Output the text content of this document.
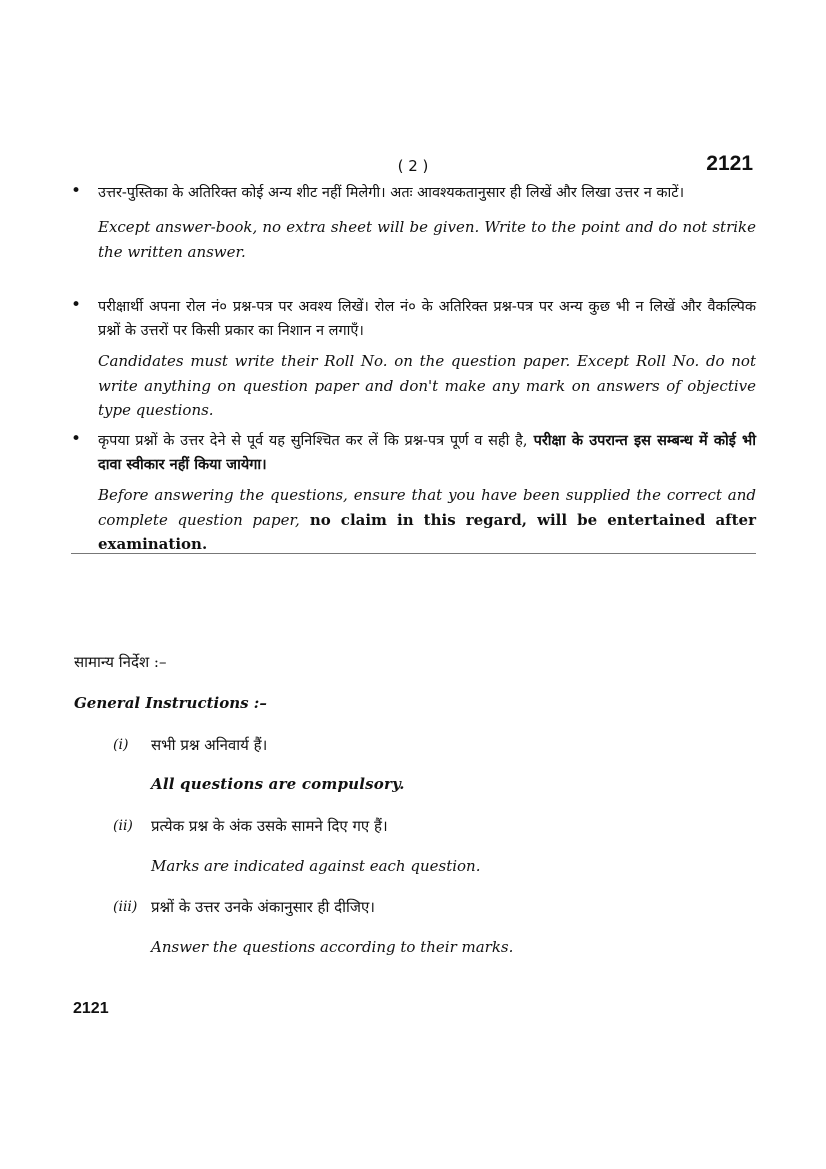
( 2 )	2121
• उत्तर-पुस्तिका के अतिरिक्त कोई अन्य शीट नहीं मिलेगी। अतः आवश्यकतानुसार ही लिखें और लिखा उत्तर न काटें।

Except answer-book, no extra sheet will be given. Write to the point and do not strike the written answer.

• परीक्षार्थी अपना रोल नं० प्रश्न-पत्र पर अवश्य लिखें। रोल नं० के अतिरिक्त प्रश्न-पत्र पर अन्य कुछ भी न लिखें और वैकल्पिक प्रश्नों के उत्तरों पर किसी प्रकार का निशान न लगाएँ।

Candidates must write their Roll No. on the question paper. Except Roll No. do not write anything on question paper and don't make any mark on answers of objective type questions.

• कृपया प्रश्नों के उत्तर देने से पूर्व यह सुनिश्चित कर लें कि प्रश्न-पत्र पूर्ण व सही है, परीक्षा के उपरान्त इस सम्बन्ध में कोई भी दावा स्वीकार नहीं किया जायेगा।

Before answering the questions, ensure that you have been supplied the correct and complete question paper, no claim in this regard, will be entertained after examination.

सामान्य निर्देश :–
General Instructions :–
(i) सभी प्रश्न अनिवार्य हैं।
All questions are compulsory.
(ii) प्रत्येक प्रश्न के अंक उसके सामने दिए गए हैं।
Marks are indicated against each question.
(iii) प्रश्नों के उत्तर उनके अंकानुसार ही दीजिए।
Answer the questions according to their marks.
2121
